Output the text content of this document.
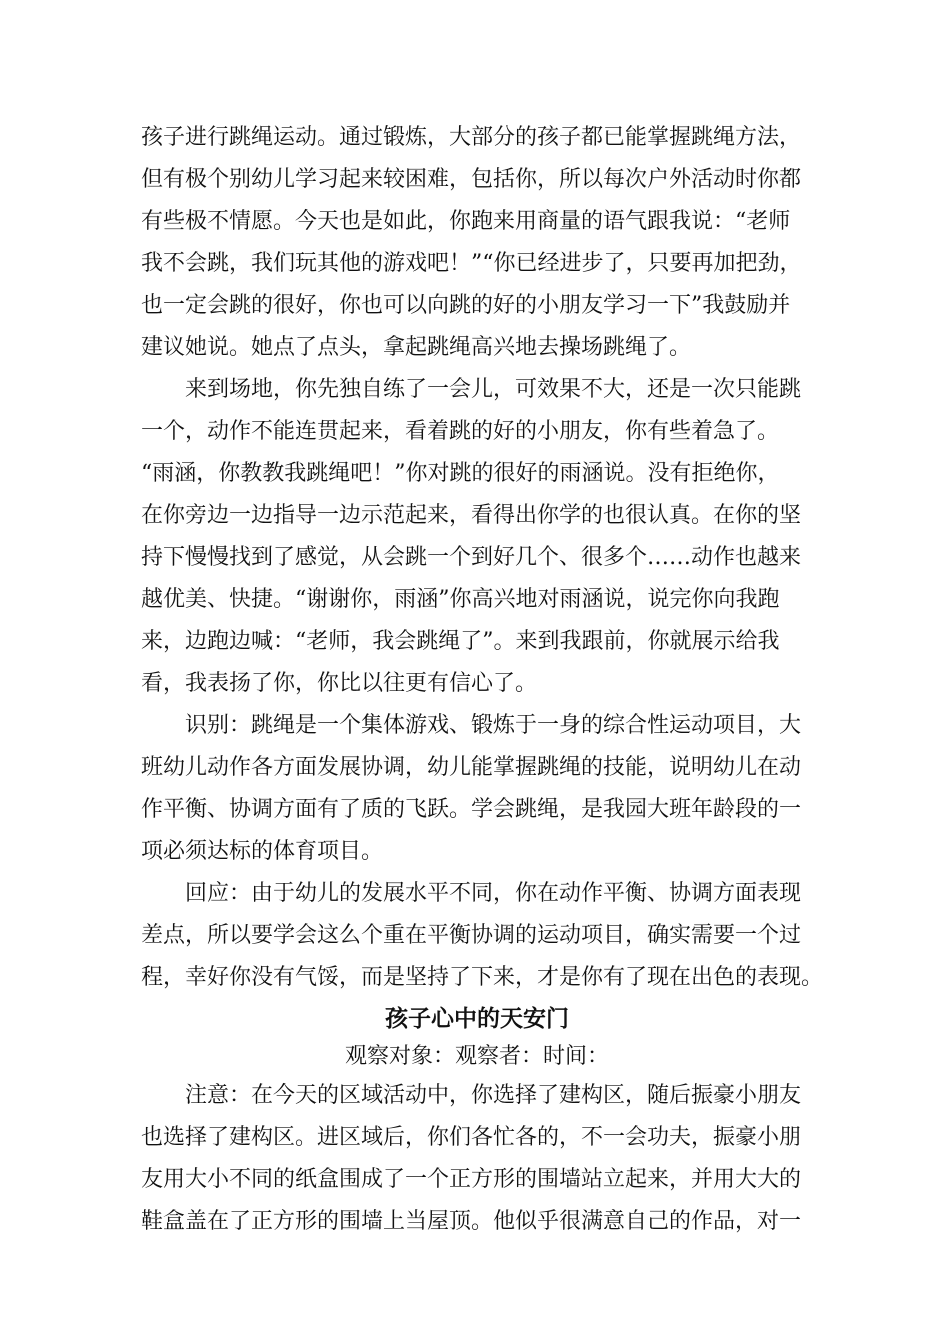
孩子进行跳绳运动。通过锻炼，大部分的孩子都已能掌握跳绳方法，
但有极个别幼儿学习起来较困难，包括你，所以每次户外活动时你都
有些极不情愿。今天也是如此，你跑来用商量的语气跟我说：“老师
我不会跳，我们玩其他的游戏吧！”“你已经进步了，只要再加把劲，
也一定会跳的很好，你也可以向跳的好的小朋友学习一下”我鼓励并
建议她说。她点了点头，拿起跳绳高兴地去操场跳绳了。

来到场地，你先独自练了一会儿，可效果不大，还是一次只能跳
一个，动作不能连贯起来，看着跳的好的小朋友，你有些着急了。
“雨涵，你教教我跳绳吧！”你对跳的很好的雨涵说。没有拒绝你，
在你旁边一边指导一边示范起来，看得出你学的也很认真。在你的坚
持下慢慢找到了感觉，从会跳一个到好几个、很多个……动作也越来
越优美、快捷。“谢谢你，雨涵”你高兴地对雨涵说，说完你向我跑
来，边跑边喊：“老师，我会跳绳了”。来到我跟前，你就展示给我
看，我表扬了你，你比以往更有信心了。

识别：跳绳是一个集体游戏、锻炼于一身的综合性运动项目，大
班幼儿动作各方面发展协调，幼儿能掌握跳绳的技能，说明幼儿在动
作平衡、协调方面有了质的飞跃。学会跳绳，是我园大班年龄段的一
项必须达标的体育项目。

回应：由于幼儿的发展水平不同，你在动作平衡、协调方面表现
差点，所以要学会这么个重在平衡协调的运动项目，确实需要一个过
程，幸好你没有气馁，而是坚持了下来，才是你有了现在出色的表现。

孩子心中的天安门

观察对象：观察者：时间：

注意：在今天的区域活动中，你选择了建构区，随后振豪小朋友
也选择了建构区。进区域后，你们各忙各的，不一会功夫，振豪小朋
友用大小不同的纸盒围成了一个正方形的围墙站立起来，并用大大的
鞋盒盖在了正方形的围墙上当屋顶。他似乎很满意自己的作品，对一
